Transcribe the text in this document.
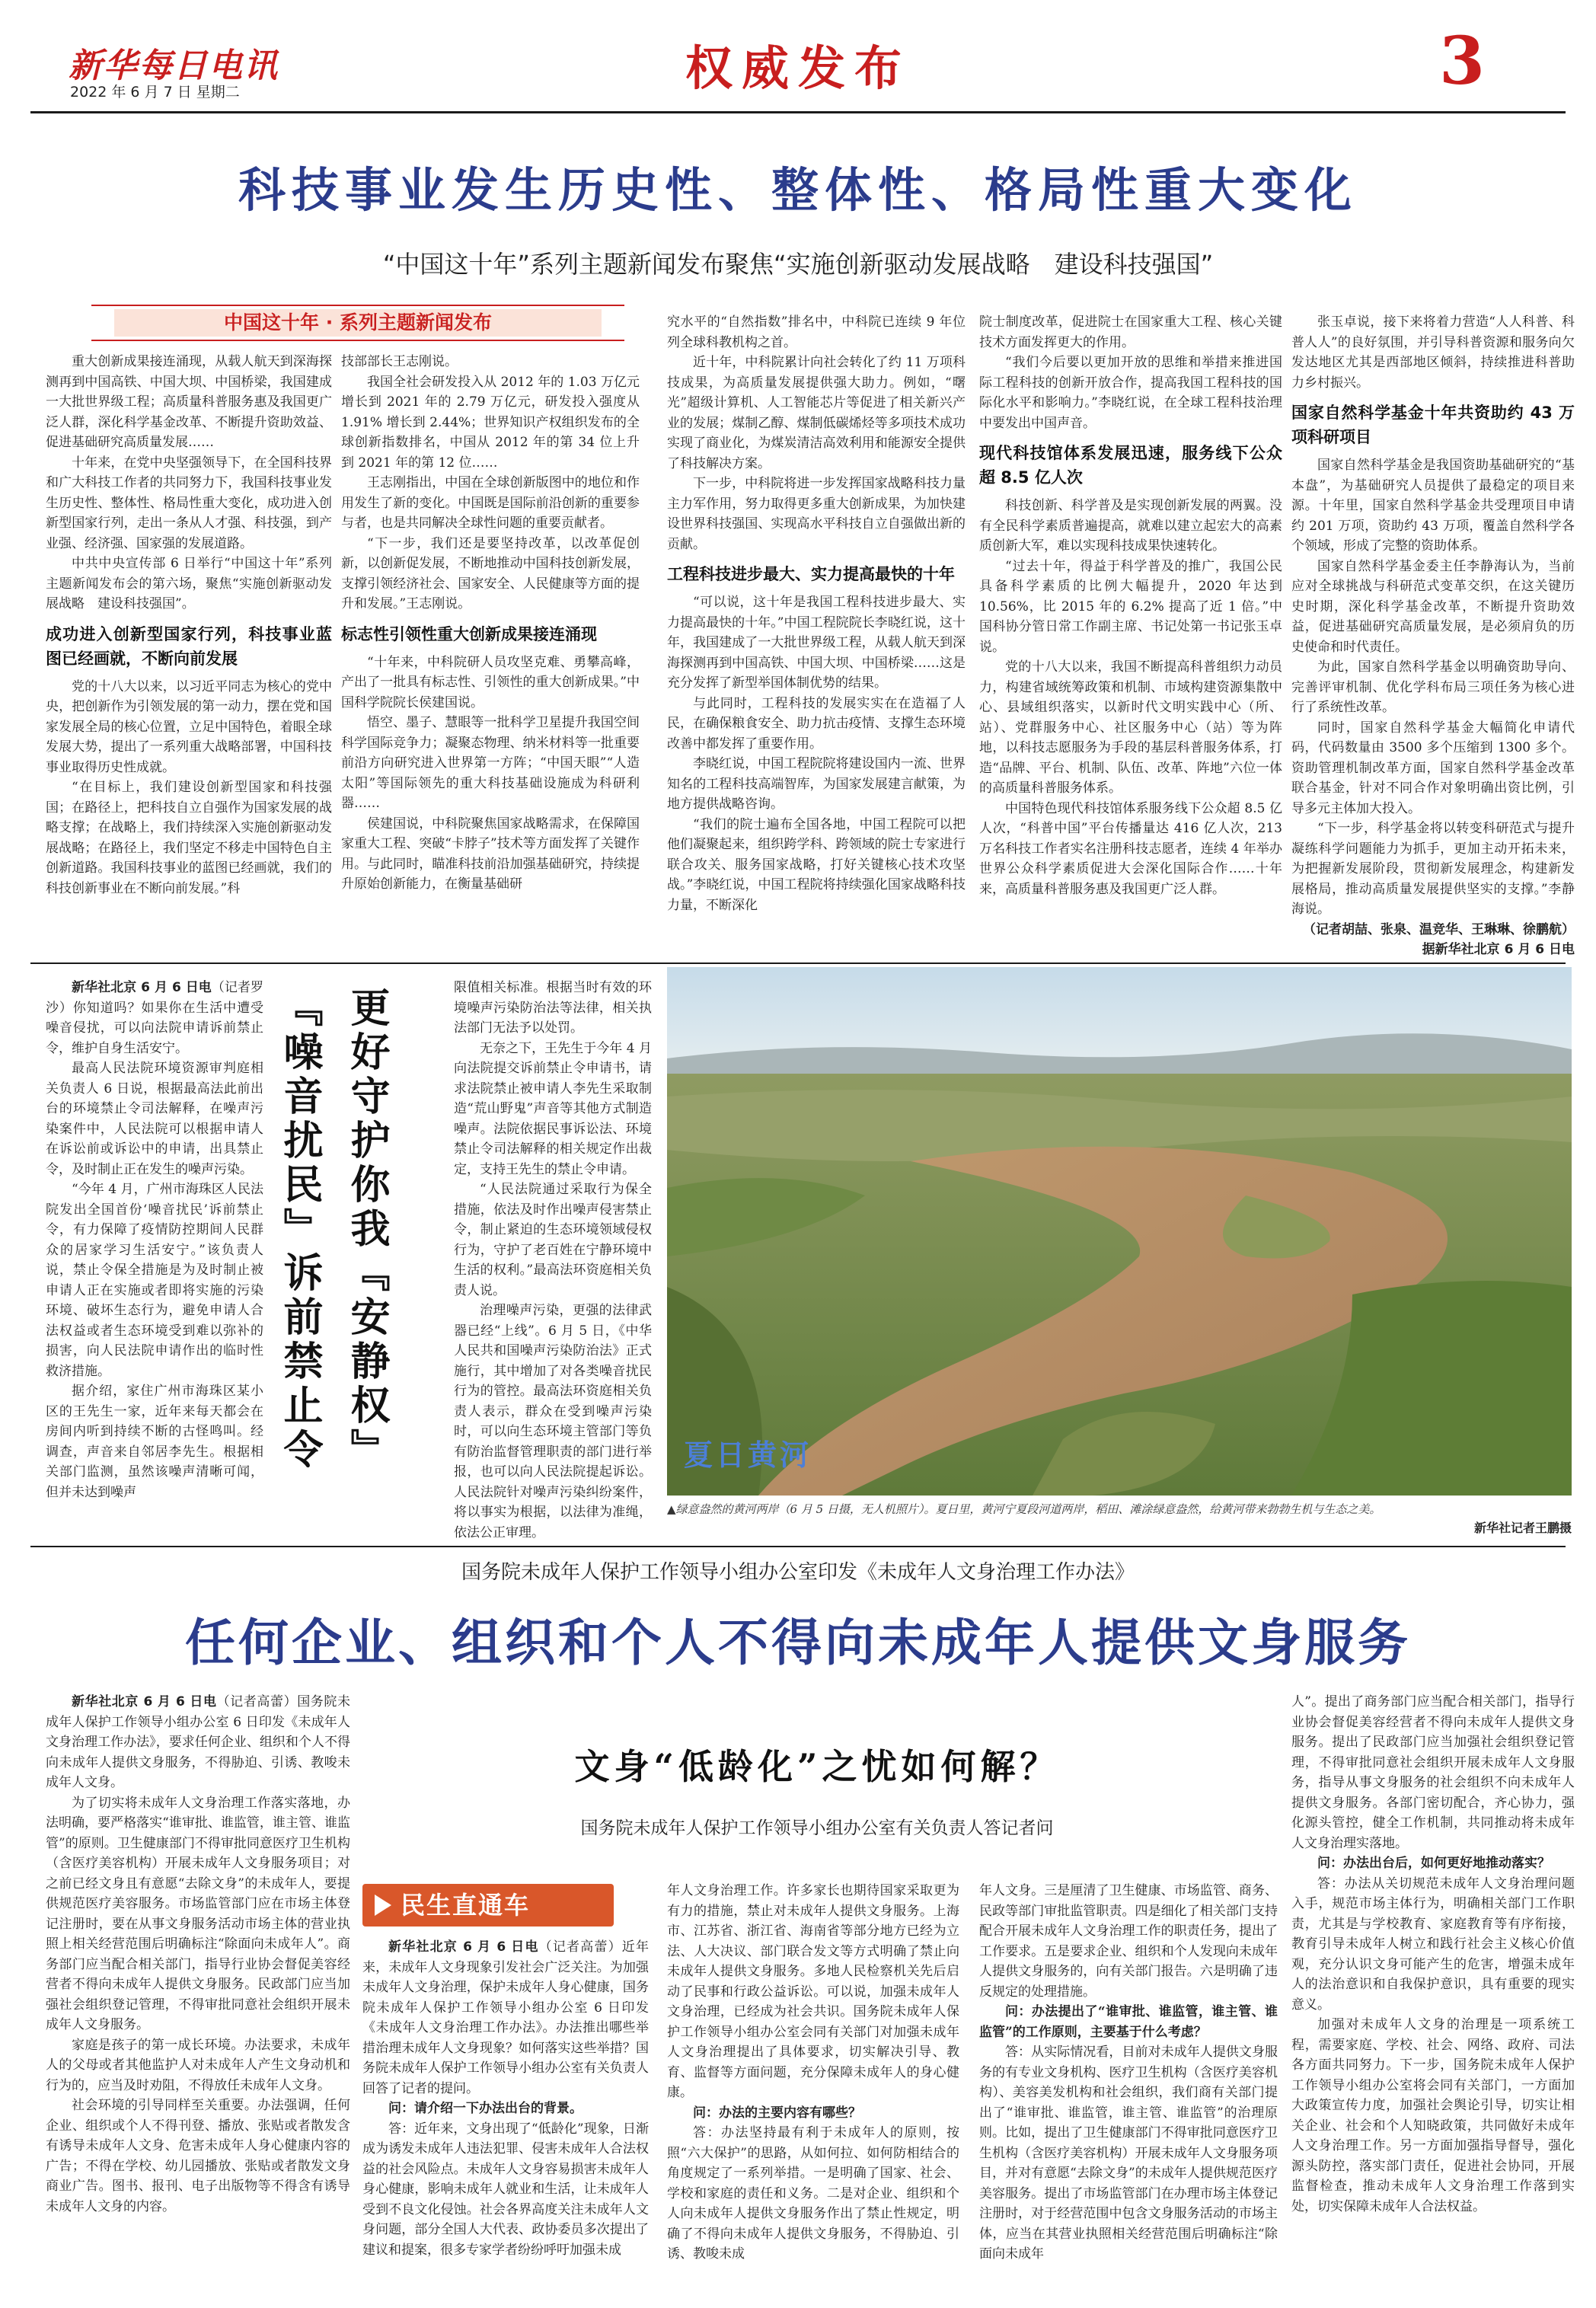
新华每日电讯
2022 年 6 月 7 日 星期二	权威发布	3
科技事业发生历史性、整体性、格局性重大变化
“中国这十年”系列主题新闻发布聚焦“实施创新驱动发展战略　建设科技强国”
中国这十年 · 系列主题新闻发布

重大创新成果接连涌现，从载人航天到深海探测再到中国高铁、中国大坝、中国桥梁，我国建成一大批世界级工程；高质量科普服务惠及我国更广泛人群，深化科学基金改革、不断提升资助效益、促进基础研究高质量发展……

十年来，在党中央坚强领导下，在全国科技界和广大科技工作者的共同努力下，我国科技事业发生历史性、整体性、格局性重大变化，成功进入创新型国家行列，走出一条从人才强、科技强，到产业强、经济强、国家强的发展道路。

中共中央宣传部 6 日举行“中国这十年”系列主题新闻发布会的第六场，聚焦“实施创新驱动发展战略　建设科技强国”。

成功进入创新型国家行列，科技事业蓝图已经画就，不断向前发展

党的十八大以来，以习近平同志为核心的党中央，把创新作为引领发展的第一动力，摆在党和国家发展全局的核心位置，立足中国特色，着眼全球发展大势，提出了一系列重大战略部署，中国科技事业取得历史性成就。

“在目标上，我们建设创新型国家和科技强国；在路径上，把科技自立自强作为国家发展的战略支撑；在战略上，我们持续深入实施创新驱动发展战略；在路径上，我们坚定不移走中国特色自主创新道路。我国科技事业的蓝图已经画就，我们的科技创新事业在不断向前发展。”科

技部部长王志刚说。

我国全社会研发投入从 2012 年的 1.03 万亿元增长到 2021 年的 2.79 万亿元，研发投入强度从 1.91% 增长到 2.44%；世界知识产权组织发布的全球创新指数排名，中国从 2012 年的第 34 位上升到 2021 年的第 12 位……

王志刚指出，中国在全球创新版图中的地位和作用发生了新的变化。中国既是国际前沿创新的重要参与者，也是共同解决全球性问题的重要贡献者。

“下一步，我们还是要坚持改革，以改革促创新，以创新促发展，不断地推动中国科技创新发展，支撑引领经济社会、国家安全、人民健康等方面的提升和发展。”王志刚说。

标志性引领性重大创新成果接连涌现

“十年来，中科院研人员攻坚克难、勇攀高峰，产出了一批具有标志性、引领性的重大创新成果。”中国科学院院长侯建国说。

悟空、墨子、慧眼等一批科学卫星提升我国空间科学国际竞争力；凝聚态物理、纳米材料等一批重要前沿方向研究进入世界第一方阵；“中国天眼”“人造太阳”等国际领先的重大科技基础设施成为科研利器……

侯建国说，中科院聚焦国家战略需求，在保障国家重大工程、突破“卡脖子”技术等方面发挥了关键作用。与此同时，瞄准科技前沿加强基础研究，持续提升原始创新能力，在衡量基础研

究水平的“自然指数”排名中，中科院已连续 9 年位列全球科教机构之首。

近十年，中科院累计向社会转化了约 11 万项科技成果，为高质量发展提供强大助力。例如，“曙光”超级计算机、人工智能芯片等促进了相关新兴产业的发展；煤制乙醇、煤制低碳烯烃等多项技术成功实现了商业化，为煤炭清洁高效利用和能源安全提供了科技解决方案。

下一步，中科院将进一步发挥国家战略科技力量主力军作用，努力取得更多重大创新成果，为加快建设世界科技强国、实现高水平科技自立自强做出新的贡献。

工程科技进步最大、实力提高最快的十年

“可以说，这十年是我国工程科技进步最大、实力提高最快的十年。”中国工程院院长李晓红说，这十年，我国建成了一大批世界级工程，从载人航天到深海探测再到中国高铁、中国大坝、中国桥梁……这是充分发挥了新型举国体制优势的结果。

与此同时，工程科技的发展实实在在造福了人民，在确保粮食安全、助力抗击疫情、支撑生态环境改善中都发挥了重要作用。

李晓红说，中国工程院院将建设国内一流、世界知名的工程科技高端智库，为国家发展建言献策，为地方提供战略咨询。

“我们的院士遍布全国各地，中国工程院可以把他们凝聚起来，组织跨学科、跨领域的院士专家进行联合攻关、服务国家战略，打好关键核心技术攻坚战。”李晓红说，中国工程院将持续强化国家战略科技力量，不断深化

院士制度改革，促进院士在国家重大工程、核心关键技术方面发挥更大的作用。

“我们今后要以更加开放的思维和举措来推进国际工程科技的创新开放合作，提高我国工程科技的国际化水平和影响力。”李晓红说，在全球工程科技治理中要发出中国声音。

现代科技馆体系发展迅速，服务线下公众超 8.5 亿人次

科技创新、科学普及是实现创新发展的两翼。没有全民科学素质普遍提高，就难以建立起宏大的高素质创新大军，难以实现科技成果快速转化。

“过去十年，得益于科学普及的推广，我国公民具备科学素质的比例大幅提升，2020 年达到 10.56%，比 2015 年的 6.2% 提高了近 1 倍。”中国科协分管日常工作副主席、书记处第一书记张玉卓说。

党的十八大以来，我国不断提高科普组织力动员力，构建省域统筹政策和机制、市域构建资源集散中心、县域组织落实，以新时代文明实践中心（所、站）、党群服务中心、社区服务中心（站）等为阵地，以科技志愿服务为手段的基层科普服务体系，打造“品牌、平台、机制、队伍、改革、阵地”六位一体的高质量科普服务体系。

中国特色现代科技馆体系服务线下公众超 8.5 亿人次，“科普中国”平台传播量达 416 亿人次，213 万名科技工作者实名注册科技志愿者，连续 4 年举办世界公众科学素质促进大会深化国际合作……十年来，高质量科普服务惠及我国更广泛人群。

张玉卓说，接下来将着力营造“人人科普、科普人人”的良好氛围，并引导科普资源和服务向欠发达地区尤其是西部地区倾斜，持续推进科普助力乡村振兴。

国家自然科学基金十年共资助约 43 万项科研项目

国家自然科学基金是我国资助基础研究的“基本盘”，为基础研究人员提供了最稳定的项目来源。十年里，国家自然科学基金共受理项目申请约 201 万项，资助约 43 万项，覆盖自然科学各个领域，形成了完整的资助体系。

国家自然科学基金委主任李静海认为，当前应对全球挑战与科研范式变革交织，在这关键历史时期，深化科学基金改革，不断提升资助效益，促进基础研究高质量发展，是必须肩负的历史使命和时代责任。

为此，国家自然科学基金以明确资助导向、完善评审机制、优化学科布局三项任务为核心进行了系统性改革。

同时，国家自然科学基金大幅简化申请代码，代码数量由 3500 多个压缩到 1300 多个。资助管理机制改革方面，国家自然科学基金改革联合基金，针对不同合作对象明确出资比例，引导多元主体加大投入。

“下一步，科学基金将以转变科研范式与提升凝练科学问题能力为抓手，更加主动开拓未来，为把握新发展阶段，贯彻新发展理念，构建新发展格局，推动高质量发展提供坚实的支撑。”李静海说。

（记者胡喆、张泉、温竞华、王琳琳、徐鹏航）

据新华社北京 6 月 6 日电

『噪音扰民』诉前禁止令 更好守护你我『安静权』

新华社北京 6 月 6 日电（记者罗沙）你知道吗？如果你在生活中遭受噪音侵扰，可以向法院申请诉前禁止令，维护自身生活安宁。

最高人民法院环境资源审判庭相关负责人 6 日说，根据最高法此前出台的环境禁止令司法解释，在噪声污染案件中，人民法院可以根据申请人在诉讼前或诉讼中的申请，出具禁止令，及时制止正在发生的噪声污染。

“今年 4 月，广州市海珠区人民法院发出全国首份‘噪音扰民’诉前禁止令，有力保障了疫情防控期间人民群众的居家学习生活安宁。”该负责人说，禁止令保全措施是为及时制止被申请人正在实施或者即将实施的污染环境、破坏生态行为，避免申请人合法权益或者生态环境受到难以弥补的损害，向人民法院申请作出的临时性救济措施。

据介绍，家住广州市海珠区某小区的王先生一家，近年来每天都会在房间内听到持续不断的古怪鸣叫。经调查，声音来自邻居李先生。根据相关部门监测，虽然该噪声清晰可闻，但并未达到噪声

限值相关标准。根据当时有效的环境噪声污染防治法等法律，相关执法部门无法予以处罚。

无奈之下，王先生于今年 4 月向法院提交诉前禁止令申请书，请求法院禁止被申请人李先生采取制造“荒山野鬼”声音等其他方式制造噪声。法院依据民事诉讼法、环境禁止令司法解释的相关规定作出裁定，支持王先生的禁止令申请。

“人民法院通过采取行为保全措施，依法及时作出噪声侵害禁止令，制止紧迫的生态环境领域侵权行为，守护了老百姓在宁静环境中生活的权利。”最高法环资庭相关负责人说。

治理噪声污染，更强的法律武器已经“上线”。6 月 5 日，《中华人民共和国噪声污染防治法》正式施行，其中增加了对各类噪音扰民行为的管控。最高法环资庭相关负责人表示，群众在受到噪声污染时，可以向生态环境主管部门等负有防治监督管理职责的部门进行举报，也可以向人民法院提起诉讼。人民法院针对噪声污染纠纷案件，将以事实为根据，以法律为准绳，依法公正审理。

夏日黄河
▲绿意盎然的黄河两岸（6 月 5 日摄，无人机照片）。夏日里，黄河宁夏段河道两岸，稻田、滩涂绿意盎然，给黄河带来勃勃生机与生态之美。
新华社记者王鹏摄
国务院未成年人保护工作领导小组办公室印发《未成年人文身治理工作办法》
任何企业、组织和个人不得向未成年人提供文身服务

新华社北京 6 月 6 日电（记者高蕾）国务院未成年人保护工作领导小组办公室 6 日印发《未成年人文身治理工作办法》，要求任何企业、组织和个人不得向未成年人提供文身服务，不得胁迫、引诱、教唆未成年人文身。

为了切实将未成年人文身治理工作落实落地，办法明确，要严格落实“谁审批、谁监管，谁主管、谁监管”的原则。卫生健康部门不得审批同意医疗卫生机构（含医疗美容机构）开展未成年人文身服务项目；对之前已经文身且有意愿“去除文身”的未成年人，要提供规范医疗美容服务。市场监管部门应在市场主体登记注册时，要在从事文身服务活动市场主体的营业执照上相关经营范围后明确标注“除面向未成年人”。商务部门应当配合相关部门，指导行业协会督促美容经营者不得向未成年人提供文身服务。民政部门应当加强社会组织登记管理，不得审批同意社会组织开展未成年人文身服务。

家庭是孩子的第一成长环境。办法要求，未成年人的父母或者其他监护人对未成年人产生文身动机和行为的，应当及时劝阻，不得放任未成年人文身。

社会环境的引导同样至关重要。办法强调，任何企业、组织或个人不得刊登、播放、张贴或者散发含有诱导未成年人文身、危害未成年人身心健康内容的广告；不得在学校、幼儿园播放、张贴或者散发文身商业广告。图书、报刊、电子出版物等不得含有诱导未成年人文身的内容。

文身“低龄化”之忧如何解？
国务院未成年人保护工作领导小组办公室有关负责人答记者问
民生直通车

新华社北京 6 月 6 日电（记者高蕾）近年来，未成年人文身现象引发社会广泛关注。为加强未成年人文身治理，保护未成年人身心健康，国务院未成年人保护工作领导小组办公室 6 日印发《未成年人文身治理工作办法》。办法推出哪些举措治理未成年人文身现象？如何落实这些举措？国务院未成年人保护工作领导小组办公室有关负责人回答了记者的提问。

问：请介绍一下办法出台的背景。

答：近年来，文身出现了“低龄化”现象，日渐成为诱发未成年人违法犯罪、侵害未成年人合法权益的社会风险点。未成年人文身容易损害未成年人身心健康，影响未成年人就业和生活，让未成年人受到不良文化侵蚀。社会各界高度关注未成年人文身问题，部分全国人大代表、政协委员多次提出了建议和提案，很多专家学者纷纷呼吁加强未成

年人文身治理工作。许多家长也期待国家采取更为有力的措施，禁止对未成年人提供文身服务。上海市、江苏省、浙江省、海南省等部分地方已经为立法、人大决议、部门联合发文等方式明确了禁止向未成年人提供文身服务。多地人民检察机关先后启动了民事和行政公益诉讼。可以说，加强未成年人文身治理，已经成为社会共识。国务院未成年人保护工作领导小组办公室会同有关部门对加强未成年人文身治理提出了具体要求，切实解决引导、教育、监督等方面问题，充分保障未成年人的身心健康。

问：办法的主要内容有哪些？

答：办法坚持最有利于未成年人的原则，按照“六大保护”的思路，从如何拉、如何防相结合的角度规定了一系列举措。一是明确了国家、社会、学校和家庭的责任和义务。二是对企业、组织和个人向未成年人提供文身服务作出了禁止性规定，明确了不得向未成年人提供文身服务，不得胁迫、引诱、教唆未成

年人文身。三是厘清了卫生健康、市场监管、商务、民政等部门审批监管职责。四是细化了相关部门支持配合开展未成年人文身治理工作的职责任务，提出了工作要求。五是要求企业、组织和个人发现向未成年人提供文身服务的，向有关部门报告。六是明确了违反规定的处理措施。

问：办法提出了“谁审批、谁监管，谁主管、谁监管”的工作原则，主要基于什么考虑？

答：从实际情况看，目前对未成年人提供文身服务的有专业文身机构、医疗卫生机构（含医疗美容机构）、美容美发机构和社会组织，我们商有关部门提出了“谁审批、谁监管，谁主管、谁监管”的治理原则。比如，提出了卫生健康部门不得审批同意医疗卫生机构（含医疗美容机构）开展未成年人文身服务项目，并对有意愿“去除文身”的未成年人提供规范医疗美容服务。提出了市场监管部门在办理市场主体登记注册时，对于经营范围中包含文身服务活动的市场主体，应当在其营业执照相关经营范围后明确标注“除面向未成年

人”。提出了商务部门应当配合相关部门，指导行业协会督促美容经营者不得向未成年人提供文身服务。提出了民政部门应当加强社会组织登记管理，不得审批同意社会组织开展未成年人文身服务，指导从事文身服务的社会组织不向未成年人提供文身服务。各部门密切配合，齐心协力，强化源头管控，健全工作机制，共同推动将未成年人文身治理实落地。

问：办法出台后，如何更好地推动落实？

答：办法从关切规范未成年人文身治理问题入手，规范市场主体行为，明确相关部门工作职责，尤其是与学校教育、家庭教育等有序衔接，教育引导未成年人树立和践行社会主义核心价值观，充分认识文身可能产生的危害，增强未成年人的法治意识和自我保护意识，具有重要的现实意义。

加强对未成年人文身的治理是一项系统工程，需要家庭、学校、社会、网络、政府、司法各方面共同努力。下一步，国务院未成年人保护工作领导小组办公室将会同有关部门，一方面加大政策宣传力度，加强社会舆论引导，切实让相关企业、社会和个人知晓政策，共同做好未成年人文身治理工作。另一方面加强指导督导，强化源头防控，落实部门责任，促进社会协同，开展监督检查，推动未成年人文身治理工作落到实处，切实保障未成年人合法权益。
